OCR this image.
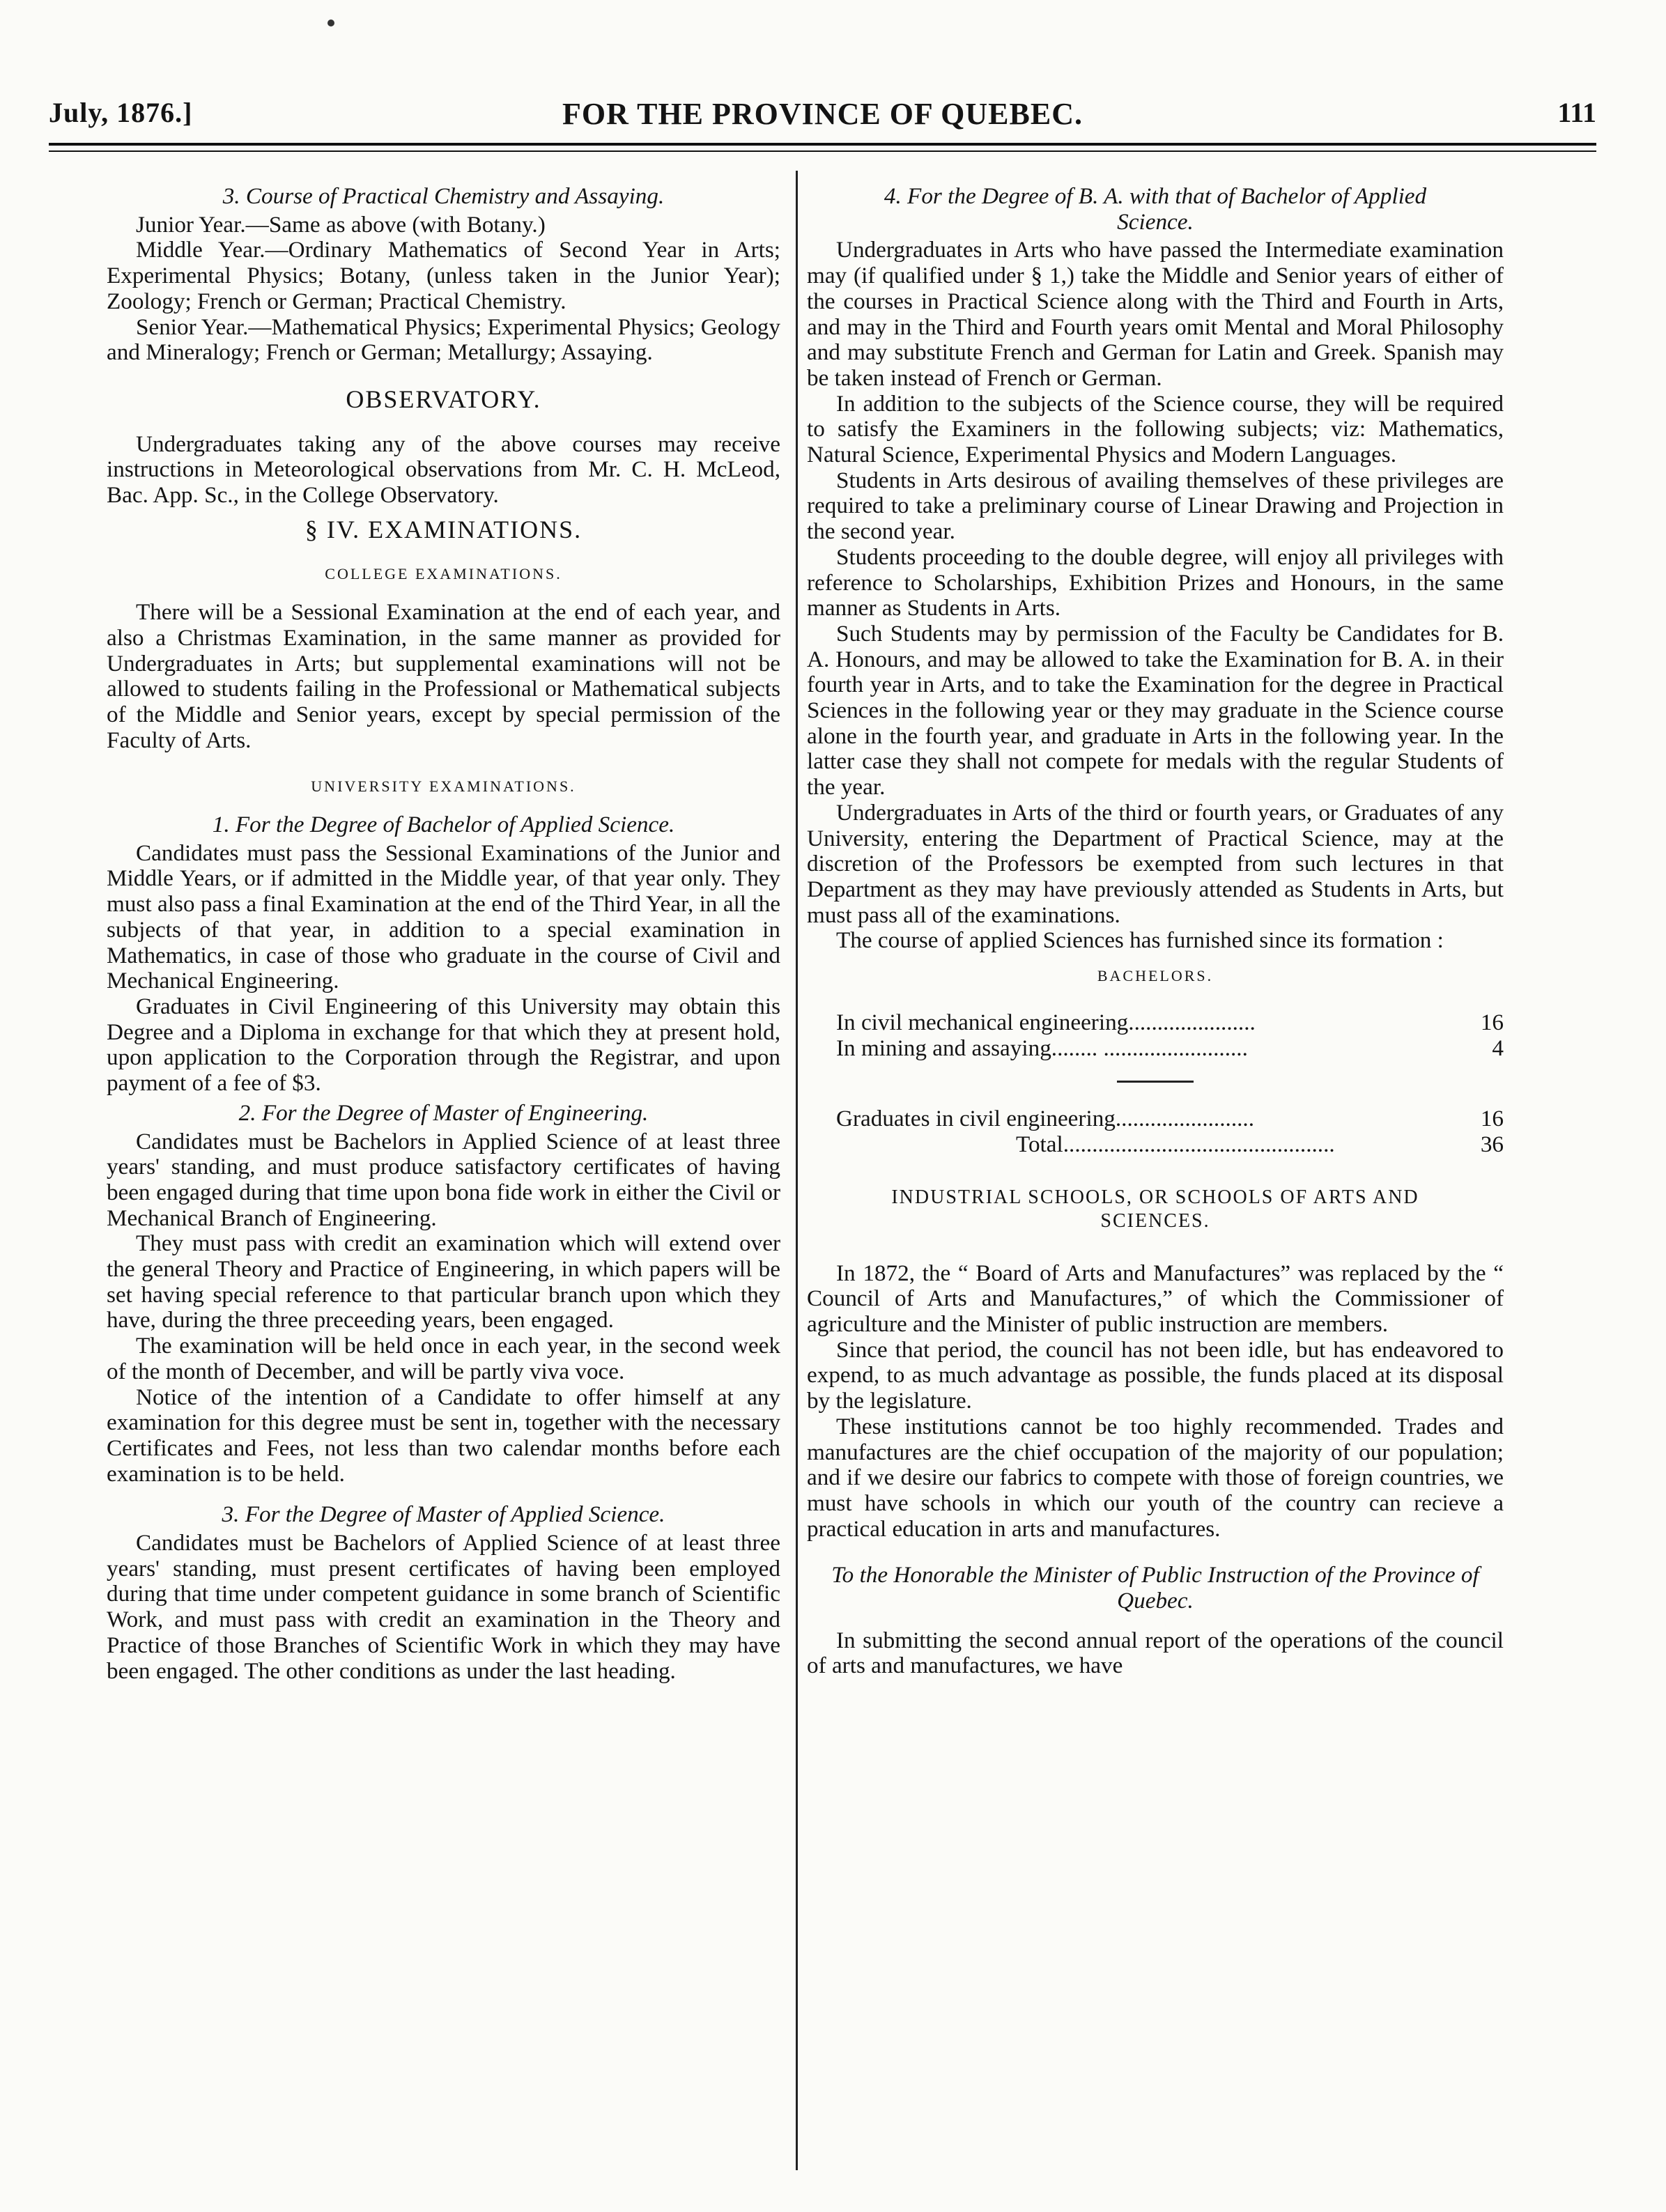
July, 1876.]	FOR THE PROVINCE OF QUEBEC.	111
3. Course of Practical Chemistry and Assaying.

Junior Year.—Same as above (with Botany.)

Middle Year.—Ordinary Mathematics of Second Year in Arts; Experimental Physics; Botany, (unless taken in the Junior Year); Zoology; French or German; Practical Chemistry.

Senior Year.—Mathematical Physics; Experimental Physics; Geology and Mineralogy; French or German; Metallurgy; Assaying.

OBSERVATORY.

Undergraduates taking any of the above courses may receive instructions in Meteorological observations from Mr. C. H. McLeod, Bac. App. Sc., in the College Observatory.

§ IV. EXAMINATIONS.
COLLEGE EXAMINATIONS.

There will be a Sessional Examination at the end of each year, and also a Christmas Examination, in the same manner as provided for Undergraduates in Arts; but supplemental examinations will not be allowed to students failing in the Professional or Mathematical subjects of the Middle and Senior years, except by special permission of the Faculty of Arts.

UNIVERSITY EXAMINATIONS.
1. For the Degree of Bachelor of Applied Science.

Candidates must pass the Sessional Examinations of the Junior and Middle Years, or if admitted in the Middle year, of that year only. They must also pass a final Examination at the end of the Third Year, in all the subjects of that year, in addition to a special examination in Mathematics, in case of those who graduate in the course of Civil and Mechanical Engineering.

Graduates in Civil Engineering of this University may obtain this Degree and a Diploma in exchange for that which they at present hold, upon application to the Corporation through the Registrar, and upon payment of a fee of $3.

2. For the Degree of Master of Engineering.

Candidates must be Bachelors in Applied Science of at least three years' standing, and must produce satisfactory certificates of having been engaged during that time upon bona fide work in either the Civil or Mechanical Branch of Engineering.

They must pass with credit an examination which will extend over the general Theory and Practice of Engineering, in which papers will be set having special reference to that particular branch upon which they have, during the three preceeding years, been engaged.

The examination will be held once in each year, in the second week of the month of December, and will be partly viva voce.

Notice of the intention of a Candidate to offer himself at any examination for this degree must be sent in, together with the necessary Certificates and Fees, not less than two calendar months before each examination is to be held.

3. For the Degree of Master of Applied Science.

Candidates must be Bachelors of Applied Science of at least three years' standing, must present certificates of having been employed during that time under competent guidance in some branch of Scientific Work, and must pass with credit an examination in the Theory and Practice of those Branches of Scientific Work in which they may have been engaged. The other conditions as under the last heading.

4. For the Degree of B. A. with that of Bachelor of Applied Science.

Undergraduates in Arts who have passed the Intermediate examination may (if qualified under § 1,) take the Middle and Senior years of either of the courses in Practical Science along with the Third and Fourth in Arts, and may in the Third and Fourth years omit Mental and Moral Philosophy and may substitute French and German for Latin and Greek. Spanish may be taken instead of French or German.

In addition to the subjects of the Science course, they will be required to satisfy the Examiners in the following subjects; viz: Mathematics, Natural Science, Experimental Physics and Modern Languages.

Students in Arts desirous of availing themselves of these privileges are required to take a preliminary course of Linear Drawing and Projection in the second year.

Students proceeding to the double degree, will enjoy all privileges with reference to Scholarships, Exhibition Prizes and Honours, in the same manner as Students in Arts.

Such Students may by permission of the Faculty be Candidates for B. A. Honours, and may be allowed to take the Examination for B. A. in their fourth year in Arts, and to take the Examination for the degree in Practical Sciences in the following year or they may graduate in the Science course alone in the fourth year, and graduate in Arts in the following year. In the latter case they shall not compete for medals with the regular Students of the year.

Undergraduates in Arts of the third or fourth years, or Graduates of any University, entering the Department of Practical Science, may at the discretion of the Professors be exempted from such lectures in that Department as they may have previously attended as Students in Arts, but must pass all of the examinations.

The course of applied Sciences has furnished since its formation :

BACHELORS.
In civil mechanical engineering......................	16
In mining and assaying........ .........................	4
Graduates in civil engineering........................	16
Total...............................................	36
INDUSTRIAL SCHOOLS, OR SCHOOLS OF ARTS AND SCIENCES.

In 1872, the “ Board of Arts and Manufactures” was replaced by the “ Council of Arts and Manufactures,” of which the Commissioner of agriculture and the Minister of public instruction are members.

Since that period, the council has not been idle, but has endeavored to expend, to as much advantage as possible, the funds placed at its disposal by the legislature.

These institutions cannot be too highly recommended. Trades and manufactures are the chief occupation of the majority of our population; and if we desire our fabrics to compete with those of foreign countries, we must have schools in which our youth of the country can recieve a practical education in arts and manufactures.

To the Honorable the Minister of Public Instruction of the Province of Quebec.

In submitting the second annual report of the operations of the council of arts and manufactures, we have
